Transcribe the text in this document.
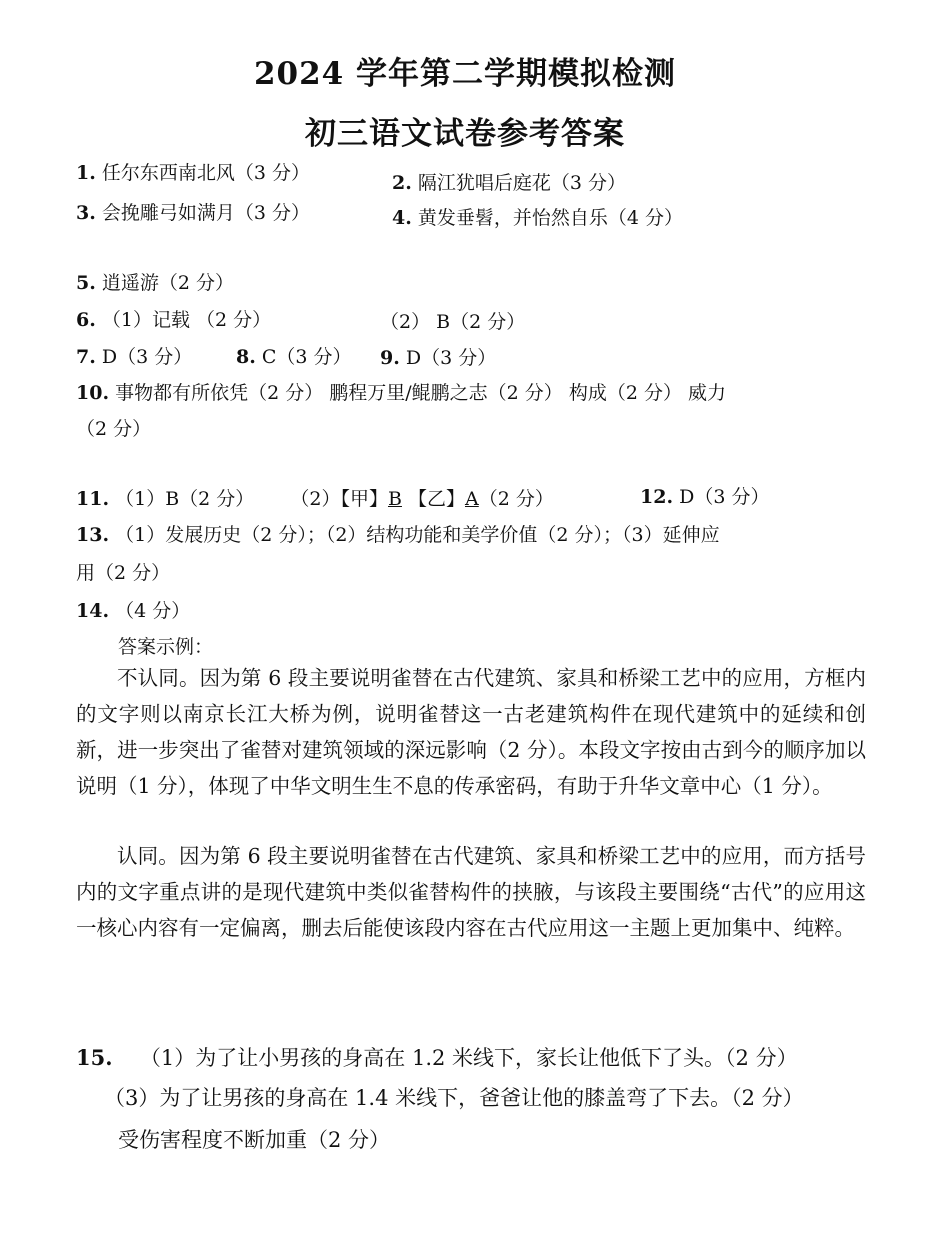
2024 学年第二学期模拟检测
初三语文试卷参考答案
1. 任尔东西南北风（3 分）	2. 隔江犹唱后庭花（3 分）
3. 会挽雕弓如满月（3 分）	4. 黄发垂髫，并怡然自乐（4 分）
5. 逍遥游（2 分）
6. （1）记载 （2 分）	（2） B（2 分）
7. D（3 分） 8. C（3 分） 9. D（3 分）
10. 事物都有所依凭（2 分） 鹏程万里/鲲鹏之志（2 分） 构成（2 分） 威力
（2 分）
11. （1）B（2 分） （2）【甲】B 【乙】A（2 分）	12. D（3 分）
13. （1）发展历史（2 分）；（2）结构功能和美学价值（2 分）；（3）延伸应
用（2 分）
14. （4 分）
答案示例：

不认同。因为第 6 段主要说明雀替在古代建筑、家具和桥梁工艺中的应用，方框内的文字则以南京长江大桥为例，说明雀替这一古老建筑构件在现代建筑中的延续和创新，进一步突出了雀替对建筑领域的深远影响（2 分）。本段文字按由古到今的顺序加以说明（1 分），体现了中华文明生生不息的传承密码，有助于升华文章中心（1 分）。

认同。因为第 6 段主要说明雀替在古代建筑、家具和桥梁工艺中的应用，而方括号内的文字重点讲的是现代建筑中类似雀替构件的挟腋，与该段主要围绕“古代”的应用这一核心内容有一定偏离，删去后能使该段内容在古代应用这一主题上更加集中、纯粹。

15. （1）为了让小男孩的身高在 1.2 米线下，家长让他低下了头。（2 分）
（3）为了让男孩的身高在 1.4 米线下，爸爸让他的膝盖弯了下去。（2 分）
受伤害程度不断加重（2 分）
